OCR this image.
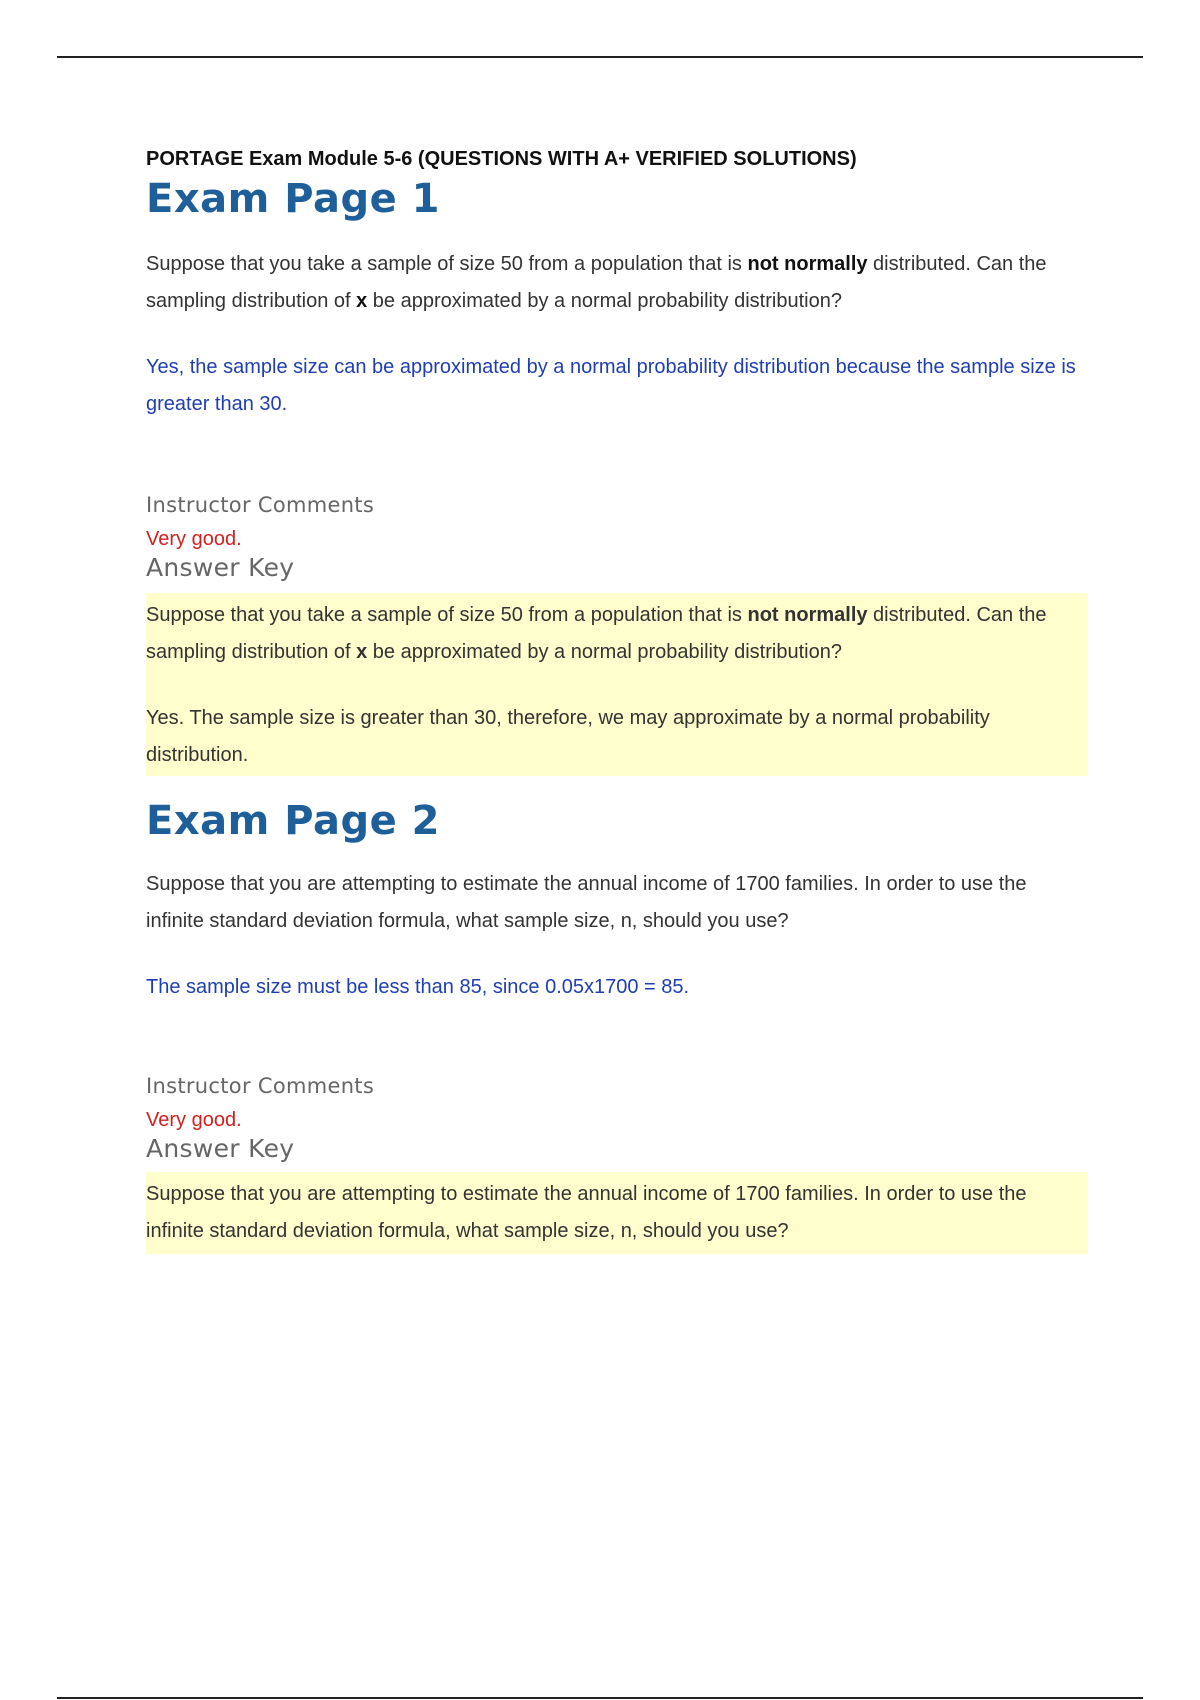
PORTAGE Exam Module 5-6 (QUESTIONS WITH A+ VERIFIED SOLUTIONS)

Exam Page 1

Suppose that you take a sample of size 50 from a population that is not normally distributed. Can the sampling distribution of x be approximated by a normal probability distribution?

Yes, the sample size can be approximated by a normal probability distribution because the sample size is greater than 30.

Instructor Comments

Very good.

Answer Key

Suppose that you take a sample of size 50 from a population that is not normally distributed. Can the sampling distribution of x be approximated by a normal probability distribution?

Yes. The sample size is greater than 30, therefore, we may approximate by a normal probability distribution.

Exam Page 2

Suppose that you are attempting to estimate the annual income of 1700 families. In order to use the infinite standard deviation formula, what sample size, n, should you use?

The sample size must be less than 85, since 0.05x1700 = 85.

Instructor Comments

Very good.

Answer Key

Suppose that you are attempting to estimate the annual income of 1700 families. In order to use the infinite standard deviation formula, what sample size, n, should you use?
